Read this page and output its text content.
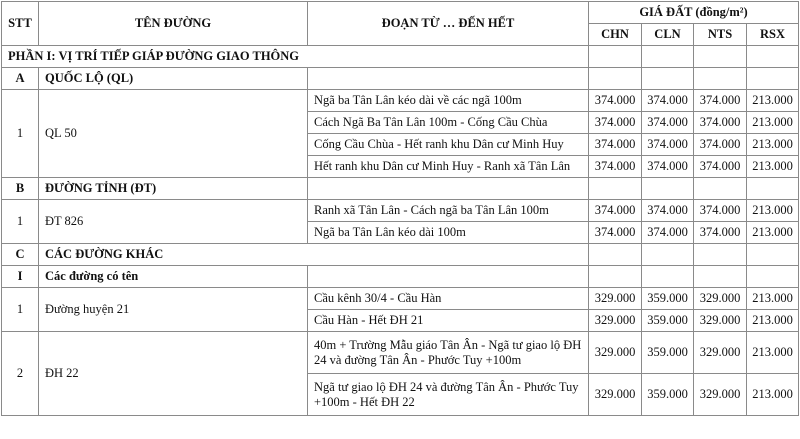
STT	TÊN ĐƯỜNG	ĐOẠN TỪ … ĐẾN HẾT	GIÁ ĐẤT (đồng/m²)			
			CHN	CLN	NTS	RSX
PHẦN I: VỊ TRÍ TIẾP GIÁP ĐƯỜNG GIAO THÔNG						
A	QUỐC LỘ (QL)					
1	QL 50	Ngã ba Tân Lân kéo dài về các ngã 100m	374.000	374.000	374.000	213.000
		Cách Ngã Ba Tân Lân 100m - Cống Cầu Chùa	374.000	374.000	374.000	213.000
		Cống Cầu Chùa - Hết ranh khu Dân cư Minh Huy	374.000	374.000	374.000	213.000
		Hết ranh khu Dân cư Minh Huy - Ranh xã Tân Lân	374.000	374.000	374.000	213.000
B	ĐƯỜNG TỈNH (ĐT)					
1	ĐT 826	Ranh xã Tân Lân - Cách ngã ba Tân Lân 100m	374.000	374.000	374.000	213.000
		Ngã ba Tân Lân kéo dài 100m	374.000	374.000	374.000	213.000
C	CÁC ĐƯỜNG KHÁC					
I	Các đường có tên					
1	Đường huyện 21	Cầu kênh 30/4 - Cầu Hàn	329.000	359.000	329.000	213.000
		Cầu Hàn - Hết ĐH 21	329.000	359.000	329.000	213.000
2	ĐH 22	40m + Trường Mẫu giáo Tân Ân - Ngã tư giao lộ ĐH 24 và đường Tân Ân - Phước Tuy +100m	329.000	359.000	329.000	213.000
		Ngã tư giao lộ ĐH 24 và đường Tân Ân - Phước Tuy +100m - Hết ĐH 22	329.000	359.000	329.000	213.000
